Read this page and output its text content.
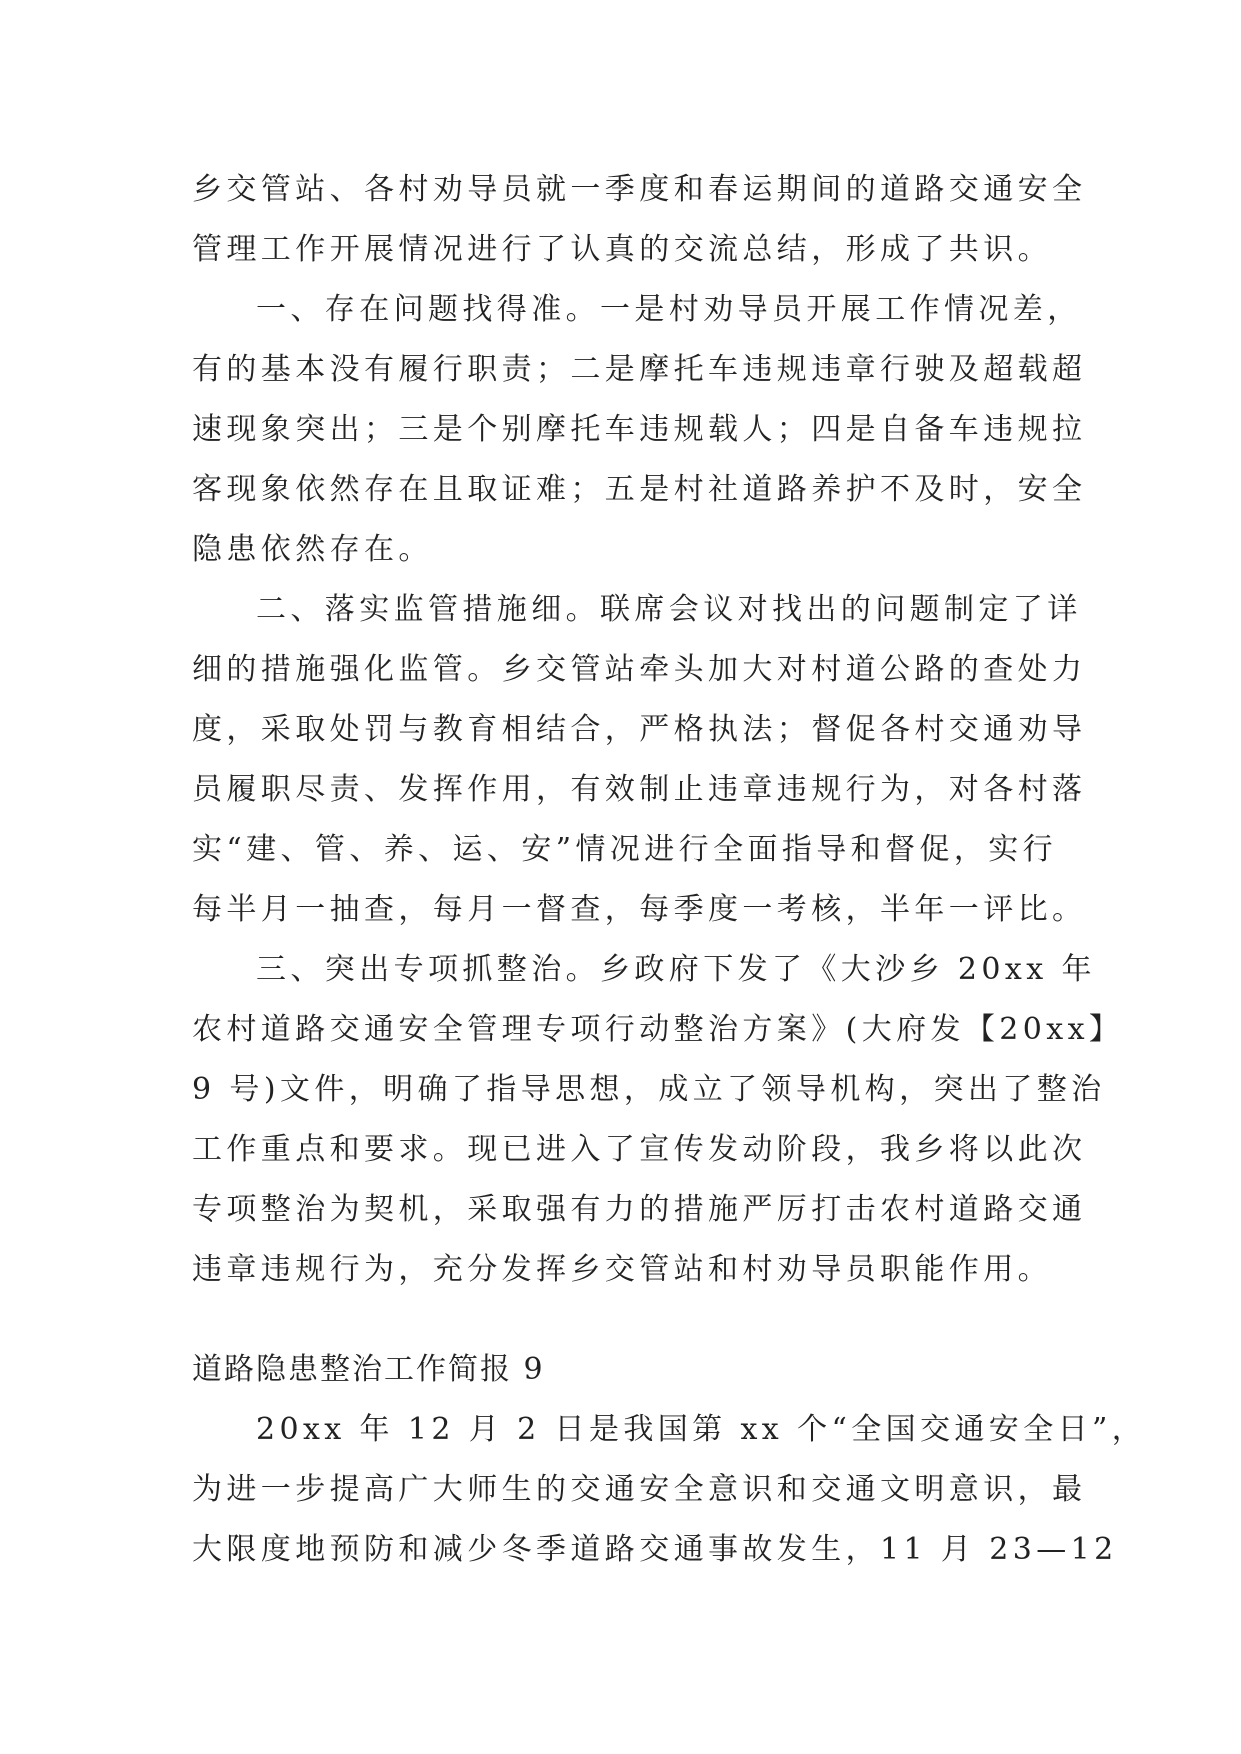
乡交管站、各村劝导员就一季度和春运期间的道路交通安全
管理工作开展情况进行了认真的交流总结，形成了共识。
一、存在问题找得准。一是村劝导员开展工作情况差，
有的基本没有履行职责；二是摩托车违规违章行驶及超载超
速现象突出；三是个别摩托车违规载人；四是自备车违规拉
客现象依然存在且取证难；五是村社道路养护不及时，安全
隐患依然存在。
二、落实监管措施细。联席会议对找出的问题制定了详
细的措施强化监管。乡交管站牵头加大对村道公路的查处力
度，采取处罚与教育相结合，严格执法；督促各村交通劝导
员履职尽责、发挥作用，有效制止违章违规行为，对各村落
实“建、管、养、运、安”情况进行全面指导和督促，实行
每半月一抽查，每月一督查，每季度一考核，半年一评比。
三、突出专项抓整治。乡政府下发了《大沙乡 20xx 年
农村道路交通安全管理专项行动整治方案》(大府发【20xx】
9 号)文件，明确了指导思想，成立了领导机构，突出了整治
工作重点和要求。现已进入了宣传发动阶段，我乡将以此次
专项整治为契机，采取强有力的措施严厉打击农村道路交通
违章违规行为，充分发挥乡交管站和村劝导员职能作用。
道路隐患整治工作简报 9
20xx 年 12 月 2 日是我国第 xx 个“全国交通安全日”，
为进一步提高广大师生的交通安全意识和交通文明意识，最
大限度地预防和减少冬季道路交通事故发生，11 月 23—12
